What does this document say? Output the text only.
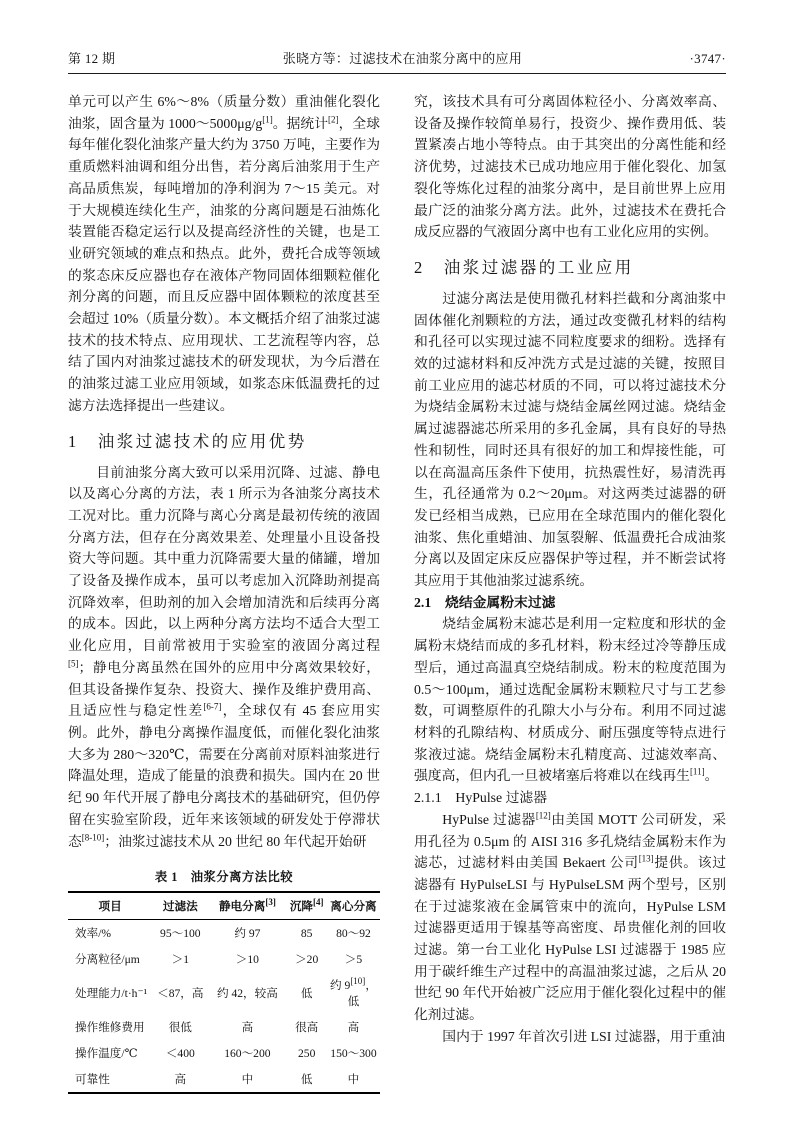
第 12 期	张晓方等：过滤技术在油浆分离中的应用	·3747·

单元可以产生 6%～8%（质量分数）重油催化裂化油浆，固含量为 1000～5000μg/g[1]。据统计[2]，全球每年催化裂化油浆产量大约为 3750 万吨，主要作为重质燃料油调和组分出售，若分离后油浆用于生产高品质焦炭，每吨增加的净利润为 7～15 美元。对于大规模连续化生产，油浆的分离问题是石油炼化装置能否稳定运行以及提高经济性的关键，也是工业研究领域的难点和热点。此外，费托合成等领域的浆态床反应器也存在液体产物同固体细颗粒催化剂分离的问题，而且反应器中固体颗粒的浓度甚至会超过 10%（质量分数）。本文概括介绍了油浆过滤技术的技术特点、应用现状、工艺流程等内容，总结了国内对油浆过滤技术的研发现状，为今后潜在的油浆过滤工业应用领域，如浆态床低温费托的过滤方法选择提出一些建议。

1　油浆过滤技术的应用优势

目前油浆分离大致可以采用沉降、过滤、静电以及离心分离的方法，表 1 所示为各油浆分离技术工况对比。重力沉降与离心分离是最初传统的液固分离方法，但存在分离效果差、处理量小且设备投资大等问题。其中重力沉降需要大量的储罐，增加了设备及操作成本，虽可以考虑加入沉降助剂提高沉降效率，但助剂的加入会增加清洗和后续再分离的成本。因此，以上两种分离方法均不适合大型工业化应用，目前常被用于实验室的液固分离过程[5]；静电分离虽然在国外的应用中分离效果较好，但其设备操作复杂、投资大、操作及维护费用高、且适应性与稳定性差[6-7]，全球仅有 45 套应用实例。此外，静电分离操作温度低，而催化裂化油浆大多为 280～320℃，需要在分离前对原料油浆进行降温处理，造成了能量的浪费和损失。国内在 20 世纪 90 年代开展了静电分离技术的基础研究，但仍停留在实验室阶段，近年来该领域的研发处于停滞状态[8-10]；油浆过滤技术从 20 世纪 80 年代起开始研

表 1　油浆分离方法比较
项目	过滤法	静电分离[3]	沉降[4]	离心分离
效率/%	95～100	约 97	85	80～92
分离粒径/μm	＞1	＞10	＞20	＞5
处理能力/t·h⁻¹	＜87，高	约 42，较高	低	约 9[10]，低
操作维修费用	很低	高	很高	高
操作温度/℃	＜400	160～200	250	150～300
可靠性	高	中	低	中

究，该技术具有可分离固体粒径小、分离效率高、设备及操作较简单易行，投资少、操作费用低、装置紧凑占地小等特点。由于其突出的分离性能和经济优势，过滤技术已成功地应用于催化裂化、加氢裂化等炼化过程的油浆分离中，是目前世界上应用最广泛的油浆分离方法。此外，过滤技术在费托合成反应器的气液固分离中也有工业化应用的实例。

2　油浆过滤器的工业应用

过滤分离法是使用微孔材料拦截和分离油浆中固体催化剂颗粒的方法，通过改变微孔材料的结构和孔径可以实现过滤不同粒度要求的细粉。选择有效的过滤材料和反冲洗方式是过滤的关键，按照目前工业应用的滤芯材质的不同，可以将过滤技术分为烧结金属粉末过滤与烧结金属丝网过滤。烧结金属过滤器滤芯所采用的多孔金属，具有良好的导热性和韧性，同时还具有很好的加工和焊接性能，可以在高温高压条件下使用，抗热震性好，易清洗再生，孔径通常为 0.2～20μm。对这两类过滤器的研发已经相当成熟，已应用在全球范围内的催化裂化油浆、焦化重蜡油、加氢裂解、低温费托合成油浆分离以及固定床反应器保护等过程，并不断尝试将其应用于其他油浆过滤系统。

2.1　烧结金属粉末过滤

烧结金属粉末滤芯是利用一定粒度和形状的金属粉末烧结而成的多孔材料，粉末经过冷等静压成型后，通过高温真空烧结制成。粉末的粒度范围为 0.5～100μm，通过选配金属粉末颗粒尺寸与工艺参数，可调整原件的孔隙大小与分布。利用不同过滤材料的孔隙结构、材质成分、耐压强度等特点进行浆液过滤。烧结金属粉末孔精度高、过滤效率高、强度高，但内孔一旦被堵塞后将难以在线再生[11]。

2.1.1　HyPulse 过滤器

HyPulse 过滤器[12]由美国 MOTT 公司研发，采用孔径为 0.5μm 的 AISI 316 多孔烧结金属粉末作为滤芯，过滤材料由美国 Bekaert 公司[13]提供。该过滤器有 HyPulseLSI 与 HyPulseLSM 两个型号，区别在于过滤浆液在金属管束中的流向，HyPulse LSM 过滤器更适用于镍基等高密度、昂贵催化剂的回收过滤。第一台工业化 HyPulse LSI 过滤器于 1985 应用于碳纤维生产过程中的高温油浆过滤，之后从 20 世纪 90 年代开始被广泛应用于催化裂化过程中的催化剂过滤。

国内于 1997 年首次引进 LSI 过滤器，用于重油
